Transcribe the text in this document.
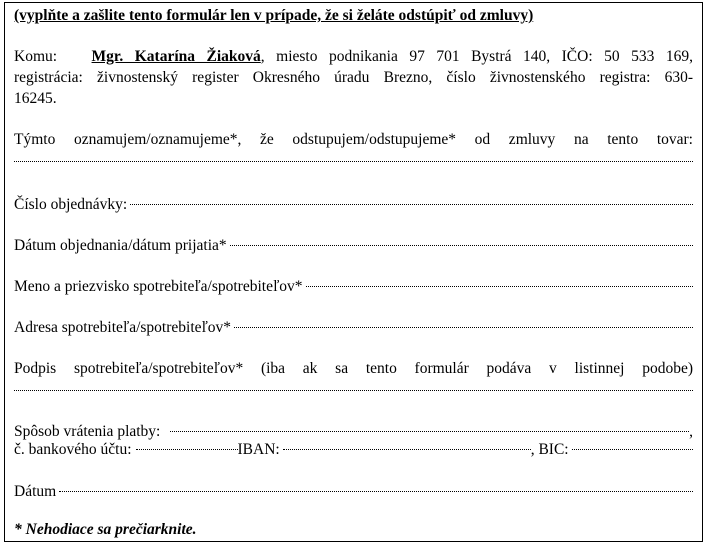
(vyplňte a zašlite tento formulár len v prípade, že si želáte odstúpiť od zmluvy)
Komu: Mgr. Katarína Žiaková, miesto podnikania 97 701 Bystrá 140, IČO: 50 533 169,
registrácia: živnostenský register Okresného úradu Brezno, číslo živnostenského registra: 630-
16245.
Týmto oznamujem/oznamujeme*, že odstupujem/odstupujeme* od zmluvy na tento tovar:
Číslo objednávky:
Dátum objednania/dátum prijatia*
Meno a priezvisko spotrebiteľa/spotrebiteľov*
Adresa spotrebiteľa/spotrebiteľov*
Podpis spotrebiteľa/spotrebiteľov* (iba ak sa tento formulár podáva v listinnej podobe)
Spôsob vrátenia platby:	,
č. bankového účtu:	IBAN:	, BIC:
Dátum
* Nehodiace sa prečiarknite.
